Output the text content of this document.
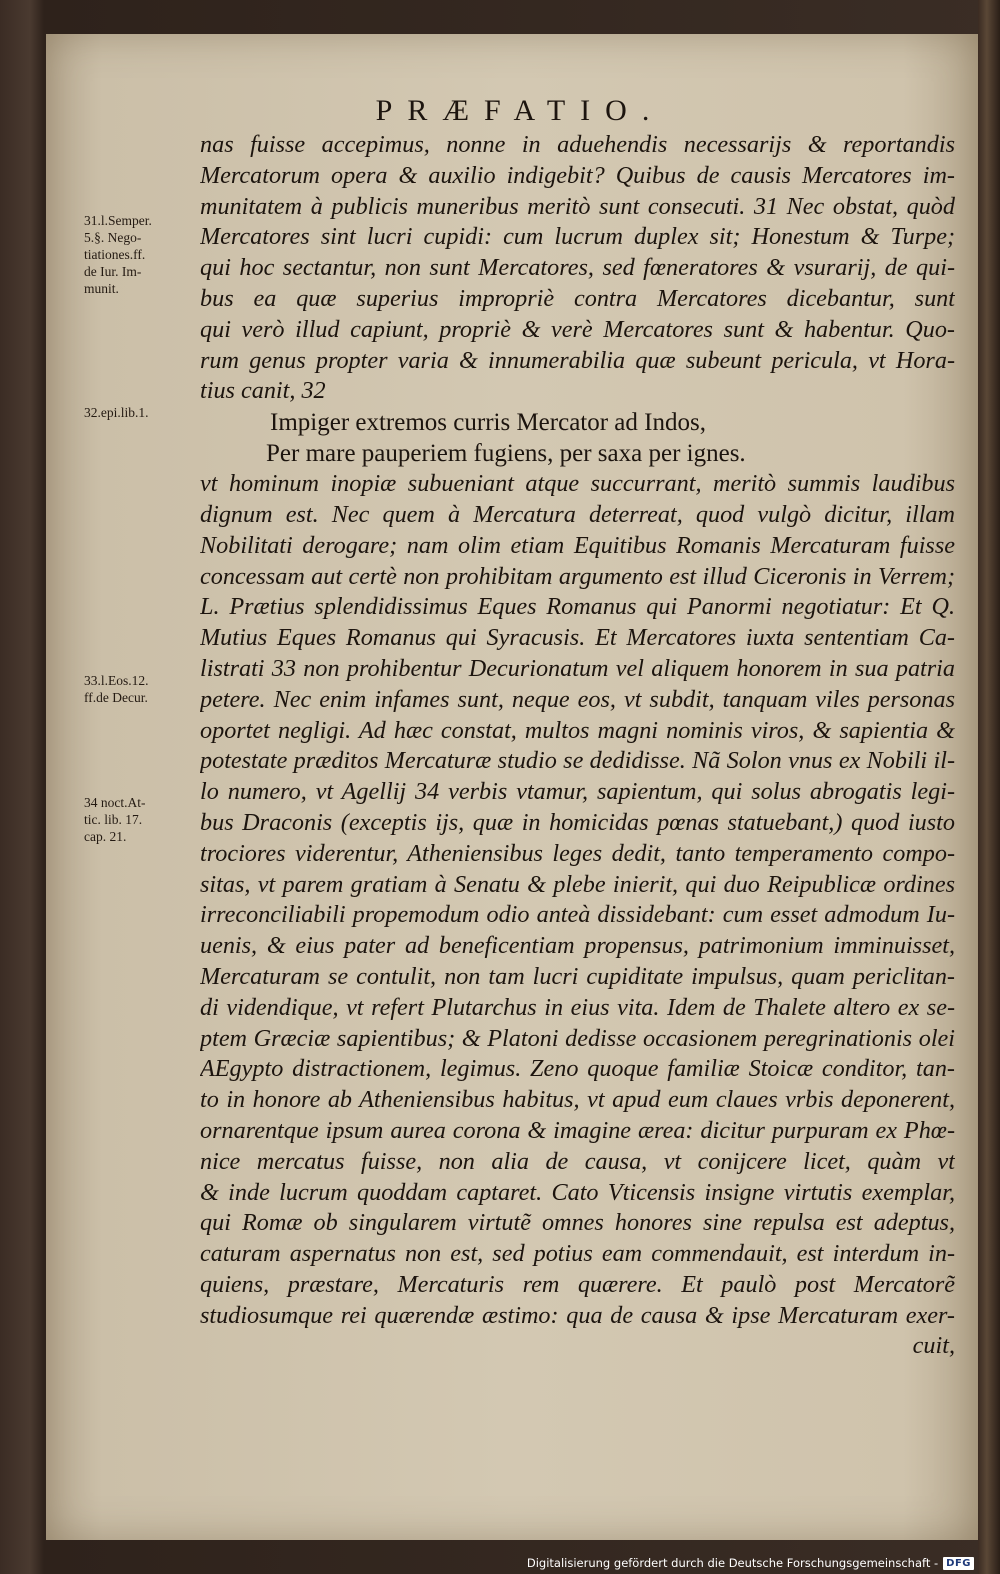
PRÆFATIO.
nas fuisse accepimus, nonne in aduehendis necessarijs & reportandis
Mercatorum opera & auxilio indigebit? Quibus de causis Mercatores im-
munitatem à publicis muneribus meritò sunt consecuti. 31 Nec obstat, quòd
Mercatores sint lucri cupidi: cum lucrum duplex sit; Honestum & Turpe;
qui hoc sectantur, non sunt Mercatores, sed fœneratores & vsurarij, de qui-
bus ea quæ superius impropriè contra Mercatores dicebantur, sunt
qui verò illud capiunt, propriè & verè Mercatores sunt & habentur. Quo-
rum genus propter varia & innumerabilia quæ subeunt pericula, vt Hora-
tius canit, 32
Impiger extremos curris Mercator ad Indos,
Per mare pauperiem fugiens, per saxa per ignes.
vt hominum inopiæ subueniant atque succurrant, meritò summis laudibus
dignum est. Nec quem à Mercatura deterreat, quod vulgò dicitur, illam
Nobilitati derogare; nam olim etiam Equitibus Romanis Mercaturam fuisse
concessam aut certè non prohibitam argumento est illud Ciceronis in Verrem;
L. Prætius splendidissimus Eques Romanus qui Panormi negotiatur: Et Q.
Mutius Eques Romanus qui Syracusis. Et Mercatores iuxta sententiam Ca-
listrati 33 non prohibentur Decurionatum vel aliquem honorem in sua patria
petere. Nec enim infames sunt, neque eos, vt subdit, tanquam viles personas
oportet negligi. Ad hæc constat, multos magni nominis viros, & sapientia &
potestate præditos Mercaturæ studio se dedidisse. Nã Solon vnus ex Nobili il-
lo numero, vt Agellij 34 verbis vtamur, sapientum, qui solus abrogatis legi-
bus Draconis (exceptis ijs, quæ in homicidas pœnas statuebant,) quod iusto
trociores viderentur, Atheniensibus leges dedit, tanto temperamento compo-
sitas, vt parem gratiam à Senatu & plebe inierit, qui duo Reipublicæ ordines
irreconciliabili propemodum odio anteà dissidebant: cum esset admodum Iu-
uenis, & eius pater ad beneficentiam propensus, patrimonium imminuisset,
Mercaturam se contulit, non tam lucri cupiditate impulsus, quam periclitan-
di videndique, vt refert Plutarchus in eius vita. Idem de Thalete altero ex se-
ptem Græciæ sapientibus; & Platoni dedisse occasionem peregrinationis olei
AEgypto distractionem, legimus. Zeno quoque familiæ Stoicæ conditor, tan-
to in honore ab Atheniensibus habitus, vt apud eum claues vrbis deponerent,
ornarentque ipsum aurea corona & imagine ærea: dicitur purpuram ex Phœ-
nice mercatus fuisse, non alia de causa, vt conijcere licet, quàm vt
& inde lucrum quoddam captaret. Cato Vticensis insigne virtutis exemplar,
qui Romæ ob singularem virtutẽ omnes honores sine repulsa est adeptus,
caturam aspernatus non est, sed potius eam commendauit, est interdum in-
quiens, præstare, Mercaturis rem quærere. Et paulò post Mercatorẽ
studiosumque rei quærendæ æstimo: qua de causa & ipse Mercaturam exer-
cuit,
31.l.Semper.
5.§. Nego-
tiationes.ff.
de Iur. Im-
munit.
32.epi.lib.1.
33.l.Eos.12.
ff.de Decur.
34 noct.At-
tic. lib. 17.
cap. 21.
Digitalisierung gefördert durch die Deutsche Forschungsgemeinschaft - DFG
